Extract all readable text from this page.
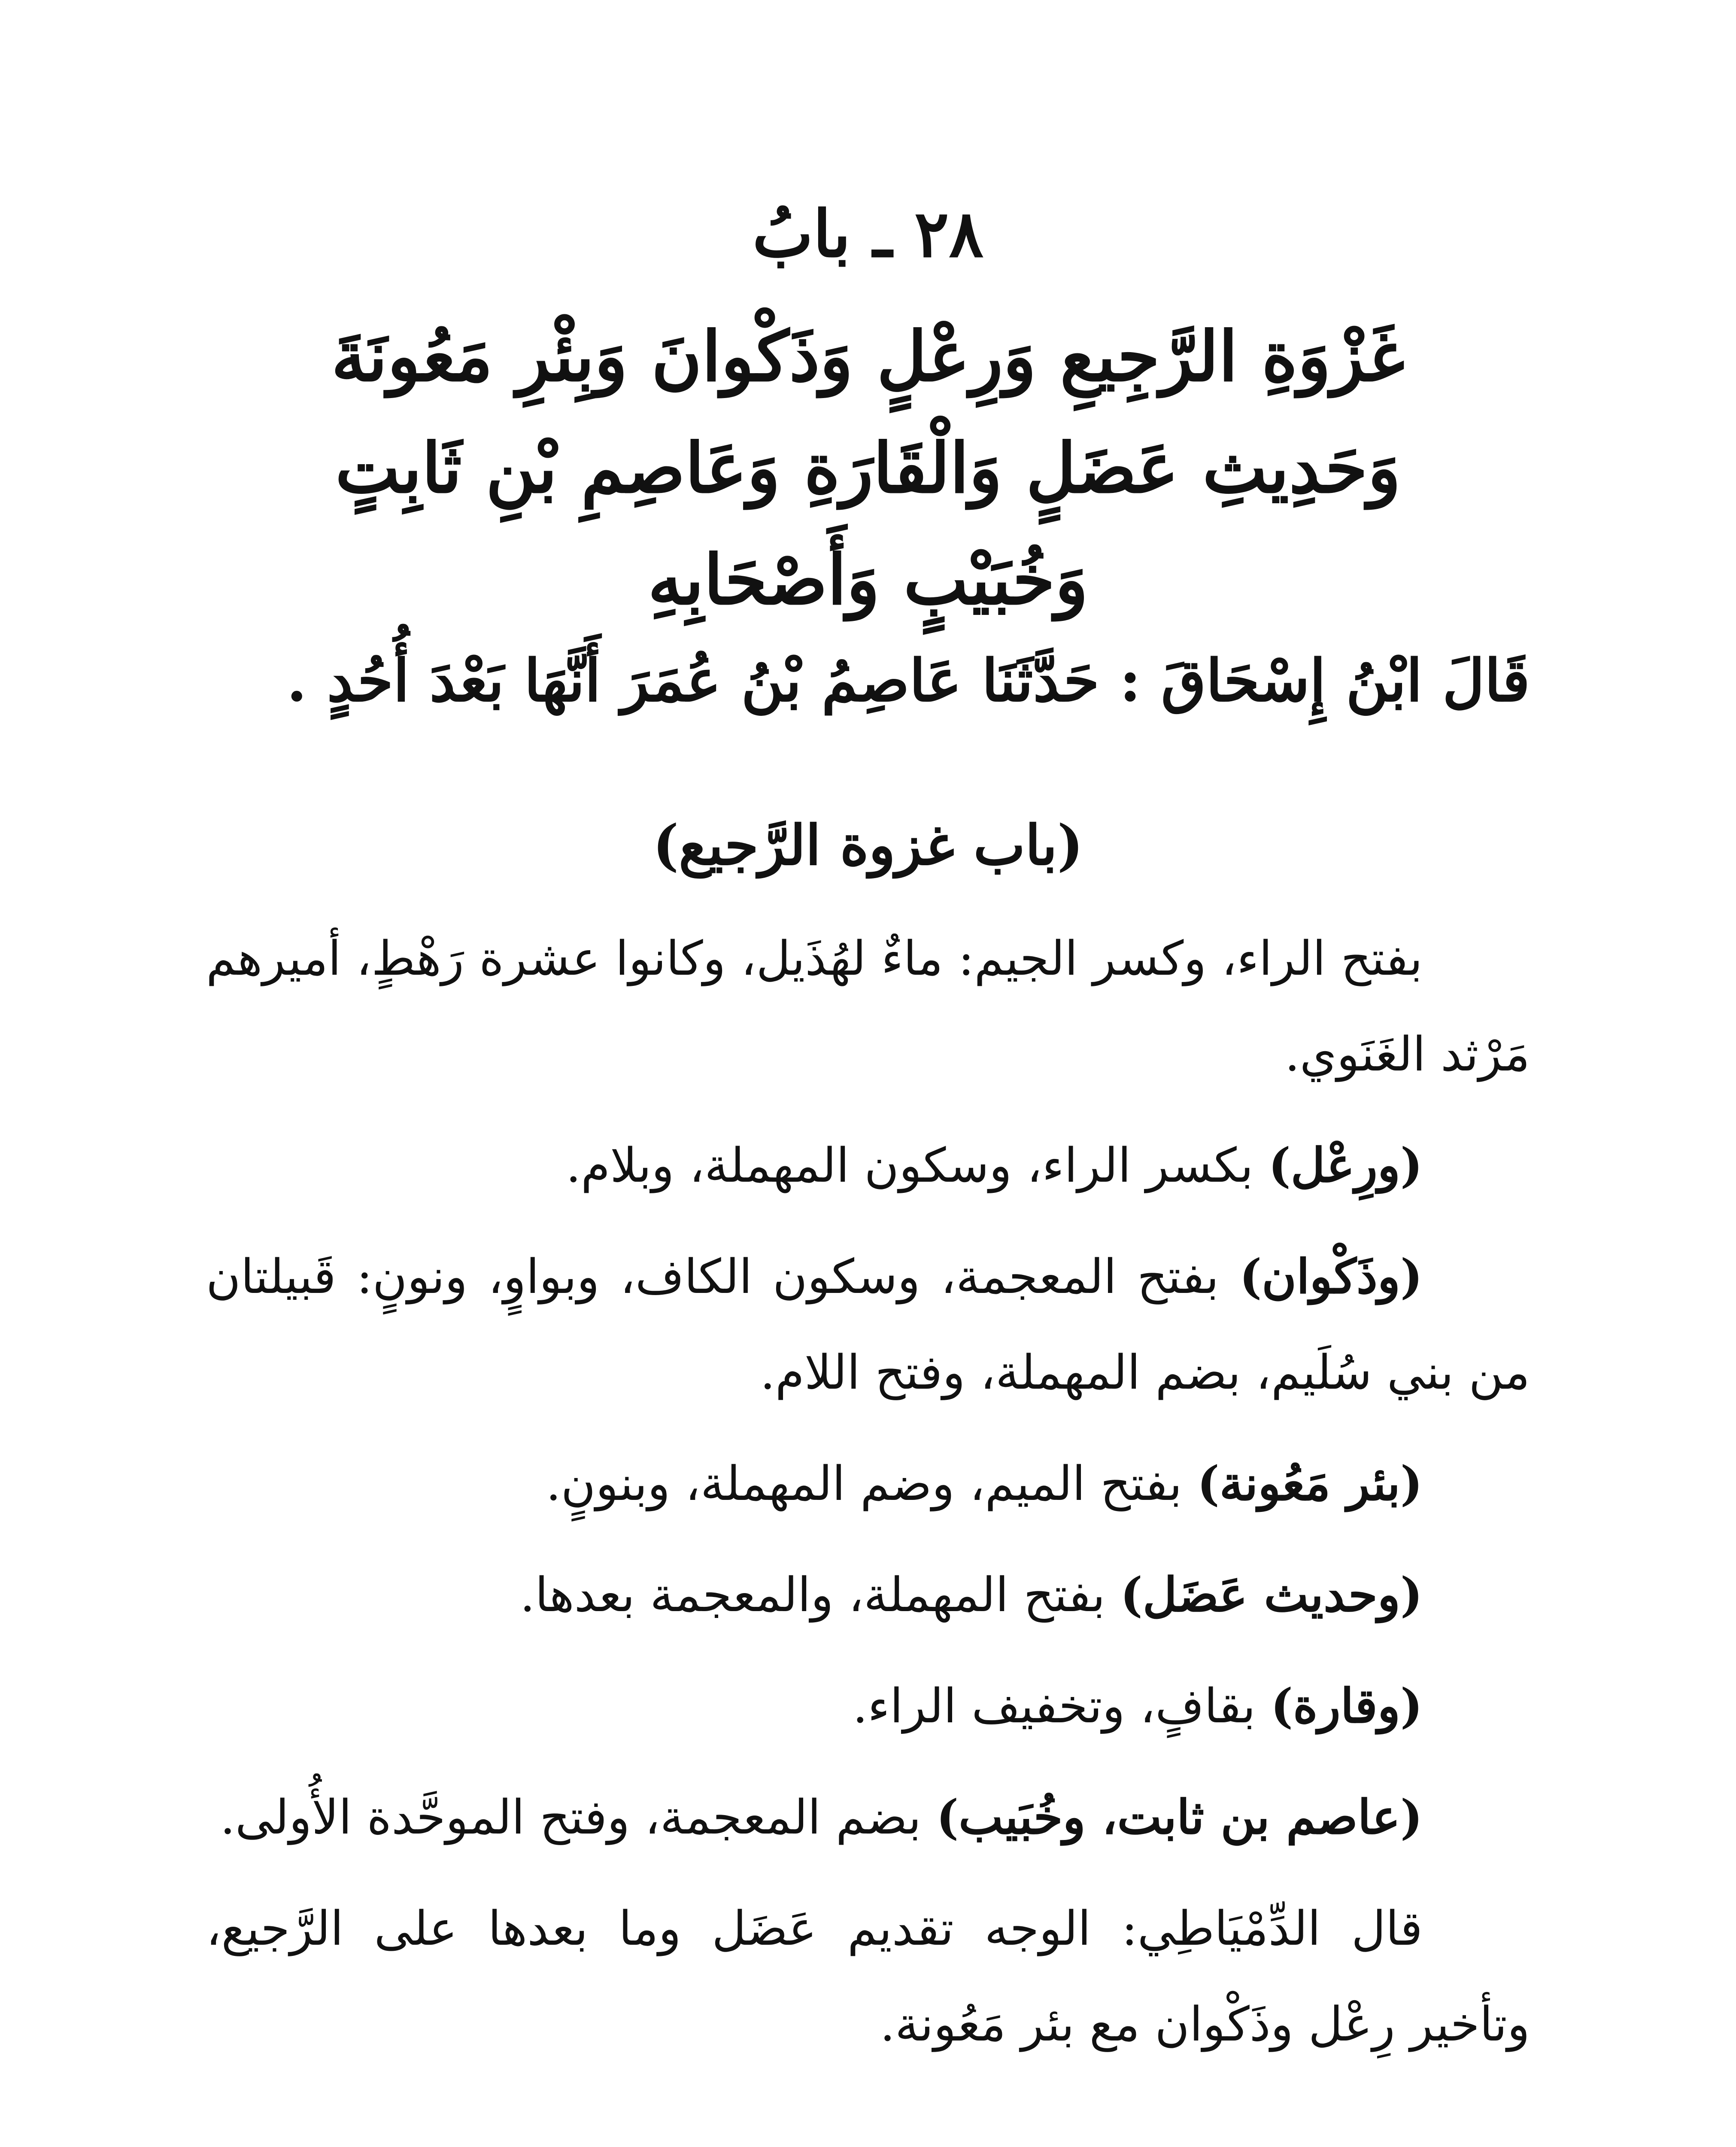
٢٨ ـ بابُ
غَزْوَةِ الرَّجِيعِ وَرِعْلٍ وَذَكْوانَ وَبِئْرِ مَعُونَةَ
وَحَدِيثِ عَضَلٍ وَالْقَارَةِ وَعَاصِمِ بْنِ ثَابِتٍ
وَخُبَيْبٍ وَأَصْحَابِهِ
قَالَ ابْنُ إِسْحَاقَ : حَدَّثَنَا عَاصِمُ بْنُ عُمَرَ أَنَّهَا بَعْدَ أُحُدٍ .
(باب غزوة الرَّجيع)

بفتح الراء، وكسر الجيم: ماءٌ لهُذَيل، وكانوا عشرة رَهْطٍ، أميرهم مَرْثد الغَنَوي.

(ورِعْل) بكسر الراء، وسكون المهملة، وبلام.

(وذَكْوان) بفتح المعجمة، وسكون الكاف، وبواوٍ، ونونٍ: قَبيلتان من بني سُلَيم، بضم المهملة، وفتح اللام.

(بئر مَعُونة) بفتح الميم، وضم المهملة، وبنونٍ.

(وحديث عَضَل) بفتح المهملة، والمعجمة بعدها.

(وقارة) بقافٍ، وتخفيف الراء.

(عاصم بن ثابت، وخُبَيب) بضم المعجمة، وفتح الموحَّدة الأُولى.

قال الدِّمْيَاطِي: الوجه تقديم عَضَل وما بعدها على الرَّجيع، وتأخير رِعْل وذَكْوان مع بئر مَعُونة.
